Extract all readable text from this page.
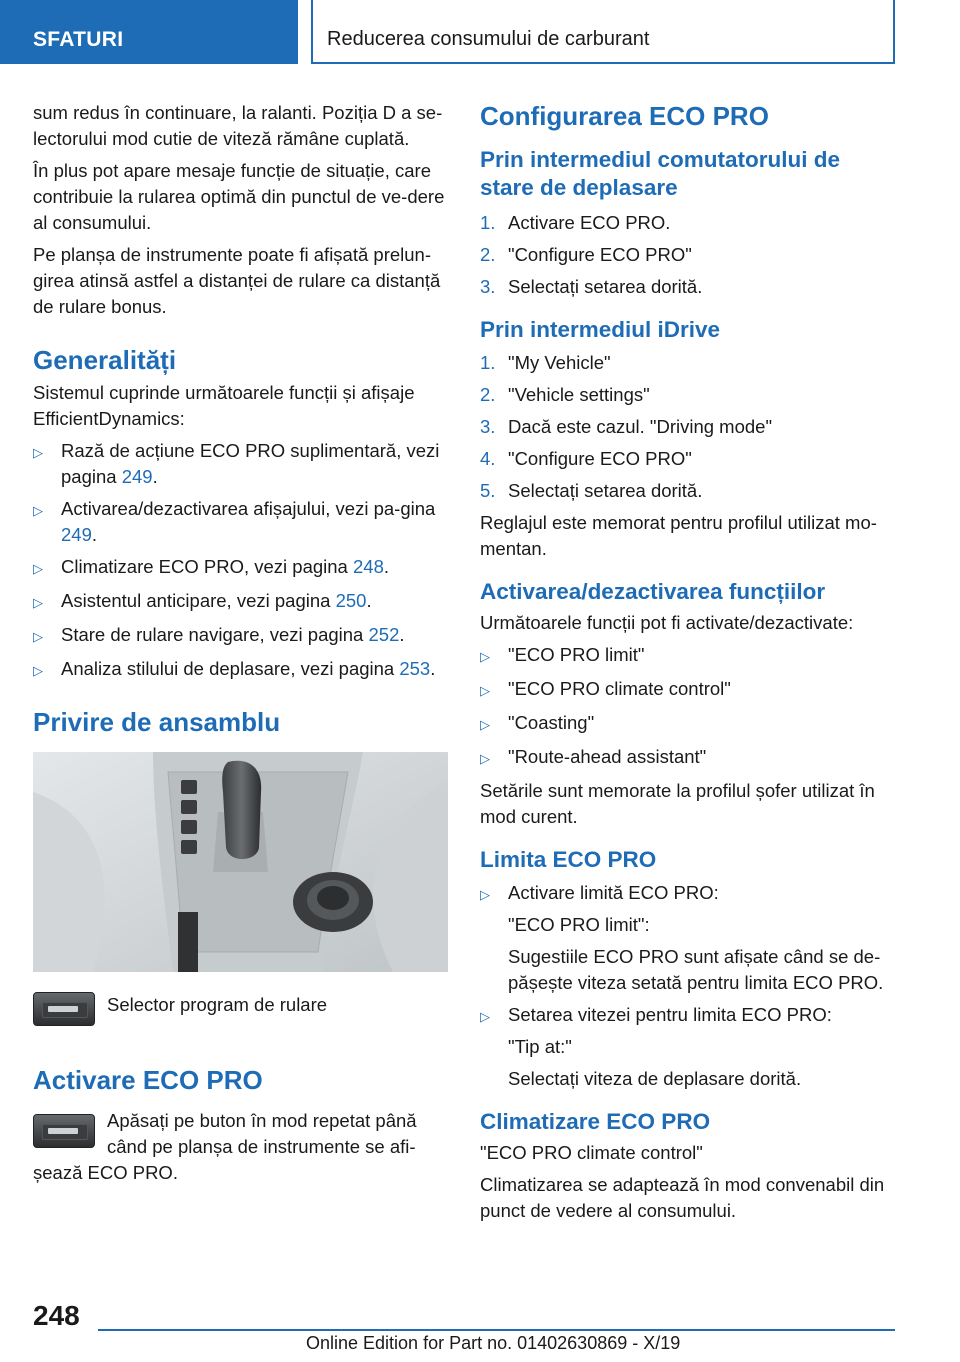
SFATURI	Reducerea consumului de carburant

sum redus în continuare, la ralanti. Poziția D a se-lectorului mod cutie de viteză rămâne cuplată.

În plus pot apare mesaje funcție de situație, care contribuie la rularea optimă din punctul de ve-dere al consumului.

Pe planșa de instrumente poate fi afișată prelun-girea atinsă astfel a distanței de rulare ca distanță de rulare bonus.

Generalități

Sistemul cuprinde următoarele funcții și afișaje EfficientDynamics:

▷ Rază de acțiune ECO PRO suplimentară, vezi pagina 249.
▷ Activarea/dezactivarea afișajului, vezi pa-gina 249.
▷ Climatizare ECO PRO, vezi pagina 248.
▷ Asistentul anticipare, vezi pagina 250.
▷ Stare de rulare navigare, vezi pagina 252.
▷ Analiza stilului de deplasare, vezi pagina 253.
Privire de ansamblu
Selector program de rulare
Activare ECO PRO
Apăsați pe buton în mod repetat până când pe planșa de instrumente se afi-
șează ECO PRO.
Configurarea ECO PRO
Prin intermediul comutatorului de stare de deplasare
1. Activare ECO PRO.
2. "Configure ECO PRO"
3. Selectați setarea dorită.
Prin intermediul iDrive
1. "My Vehicle"
2. "Vehicle settings"
3. Dacă este cazul. "Driving mode"
4. "Configure ECO PRO"
5. Selectați setarea dorită.

Reglajul este memorat pentru profilul utilizat mo-mentan.

Activarea/dezactivarea funcțiilor

Următoarele funcții pot fi activate/dezactivate:

▷ "ECO PRO limit"
▷ "ECO PRO climate control"
▷ "Coasting"
▷ "Route-ahead assistant"

Setările sunt memorate la profilul șofer utilizat în mod curent.

Limita ECO PRO
▷ Activare limită ECO PRO:
"ECO PRO limit":
Sugestiile ECO PRO sunt afișate când se de-pășește viteza setată pentru limita ECO PRO.
▷ Setarea vitezei pentru limita ECO PRO:
"Tip at:"
Selectați viteza de deplasare dorită.
Climatizare ECO PRO

"ECO PRO climate control"

Climatizarea se adaptează în mod convenabil din punct de vedere al consumului.

248
Online Edition for Part no. 01402630869 - X/19
